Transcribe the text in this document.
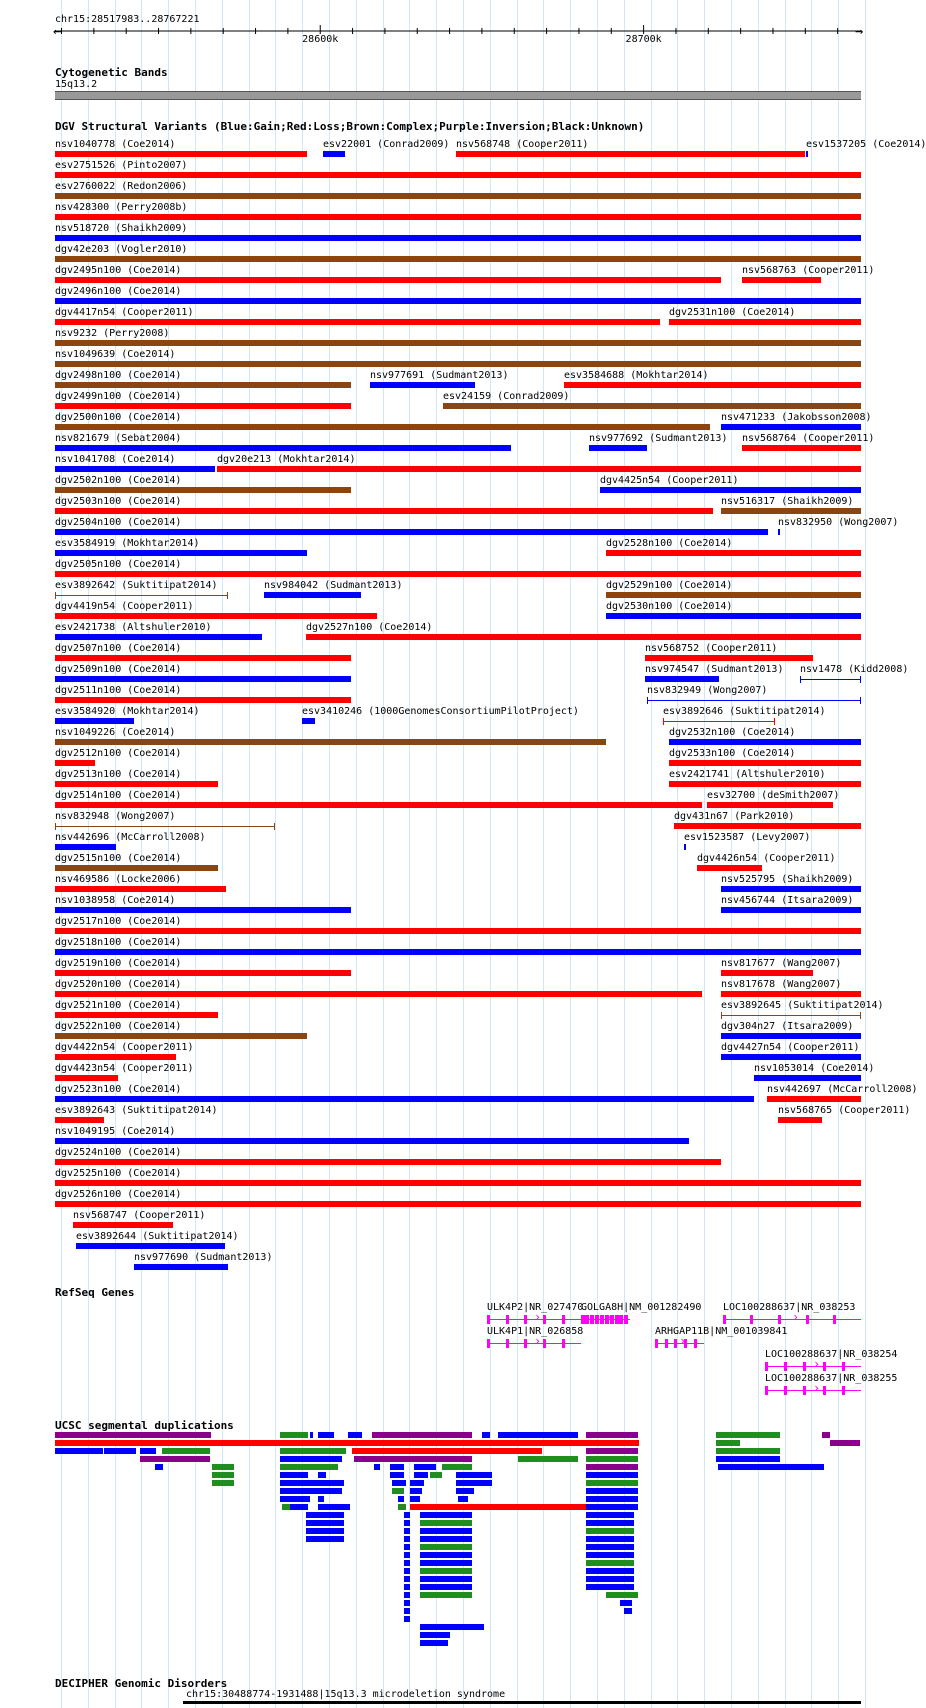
chr15:28517983..28767221
←	→
28600k	28700k
Cytogenetic Bands
15q13.2
DGV Structural Variants (Blue:Gain;Red:Loss;Brown:Complex;Purple:Inversion;Black:Unknown)
nsv1040778 (Coe2014)	esv22001 (Conrad2009) nsv568748 (Cooper2011)	esv1537205 (Coe2014)
esv2751526 (Pinto2007)
esv2760022 (Redon2006)
nsv428300 (Perry2008b)
nsv518720 (Shaikh2009)
dgv42e203 (Vogler2010)
dgv2495n100 (Coe2014)	nsv568763 (Cooper2011)
dgv2496n100 (Coe2014)
dgv4417n54 (Cooper2011)	dgv2531n100 (Coe2014)
nsv9232 (Perry2008)
nsv1049639 (Coe2014)
dgv2498n100 (Coe2014)	nsv977691 (Sudmant2013)	esv3584688 (Mokhtar2014)
dgv2499n100 (Coe2014)	esv24159 (Conrad2009)
dgv2500n100 (Coe2014)	nsv471233 (Jakobsson2008)
nsv821679 (Sebat2004)	nsv977692 (Sudmant2013) nsv568764 (Cooper2011)
nsv1041708 (Coe2014)	dgv20e213 (Mokhtar2014)
dgv2502n100 (Coe2014)	dgv4425n54 (Cooper2011)
dgv2503n100 (Coe2014)	nsv516317 (Shaikh2009)
dgv2504n100 (Coe2014)	nsv832950 (Wong2007)
esv3584919 (Mokhtar2014)	dgv2528n100 (Coe2014)
dgv2505n100 (Coe2014)
esv3892642 (Suktitipat2014)	nsv984042 (Sudmant2013)	dgv2529n100 (Coe2014)
dgv4419n54 (Cooper2011)	dgv2530n100 (Coe2014)
esv2421738 (Altshuler2010)	dgv2527n100 (Coe2014)
dgv2507n100 (Coe2014)	nsv568752 (Cooper2011)
dgv2509n100 (Coe2014)	nsv974547 (Sudmant2013) nsv1478 (Kidd2008)
dgv2511n100 (Coe2014)	nsv832949 (Wong2007)
esv3584920 (Mokhtar2014)	esv3410246 (1000GenomesConsortiumPilotProject)	esv3892646 (Suktitipat2014)
nsv1049226 (Coe2014)	dgv2532n100 (Coe2014)
dgv2512n100 (Coe2014)	dgv2533n100 (Coe2014)
dgv2513n100 (Coe2014)	esv2421741 (Altshuler2010)
dgv2514n100 (Coe2014)	esv32700 (deSmith2007)
nsv832948 (Wong2007)	dgv431n67 (Park2010)
nsv442696 (McCarroll2008)	esv1523587 (Levy2007)
dgv2515n100 (Coe2014)	dgv4426n54 (Cooper2011)
nsv469586 (Locke2006)	nsv525795 (Shaikh2009)
nsv1038958 (Coe2014)	nsv456744 (Itsara2009)
dgv2517n100 (Coe2014)
dgv2518n100 (Coe2014)
dgv2519n100 (Coe2014)	nsv817677 (Wang2007)
dgv2520n100 (Coe2014)	nsv817678 (Wang2007)
dgv2521n100 (Coe2014)	esv3892645 (Suktitipat2014)
dgv2522n100 (Coe2014)	dgv304n27 (Itsara2009)
dgv4422n54 (Cooper2011)	dgv4427n54 (Cooper2011)
dgv4423n54 (Cooper2011)	nsv1053014 (Coe2014)
dgv2523n100 (Coe2014)	nsv442697 (McCarroll2008)
esv3892643 (Suktitipat2014)	nsv568765 (Cooper2011)
nsv1049195 (Coe2014)
dgv2524n100 (Coe2014)
dgv2525n100 (Coe2014)
dgv2526n100 (Coe2014)
nsv568747 (Cooper2011)
esv3892644 (Suktitipat2014)
nsv977690 (Sudmant2013)
RefSeq Genes
ULK4P2|NR_027470
›
GOLGA8H|NM_001282490
›
LOC100288637|NR_038253
›
ULK4P1|NR_026858
›
ARHGAP11B|NM_001039841
›
LOC100288637|NR_038254
›
LOC100288637|NR_038255
›
UCSC segmental duplications
DECIPHER Genomic Disorders
chr15:30488774-1931488|15q13.3 microdeletion syndrome
